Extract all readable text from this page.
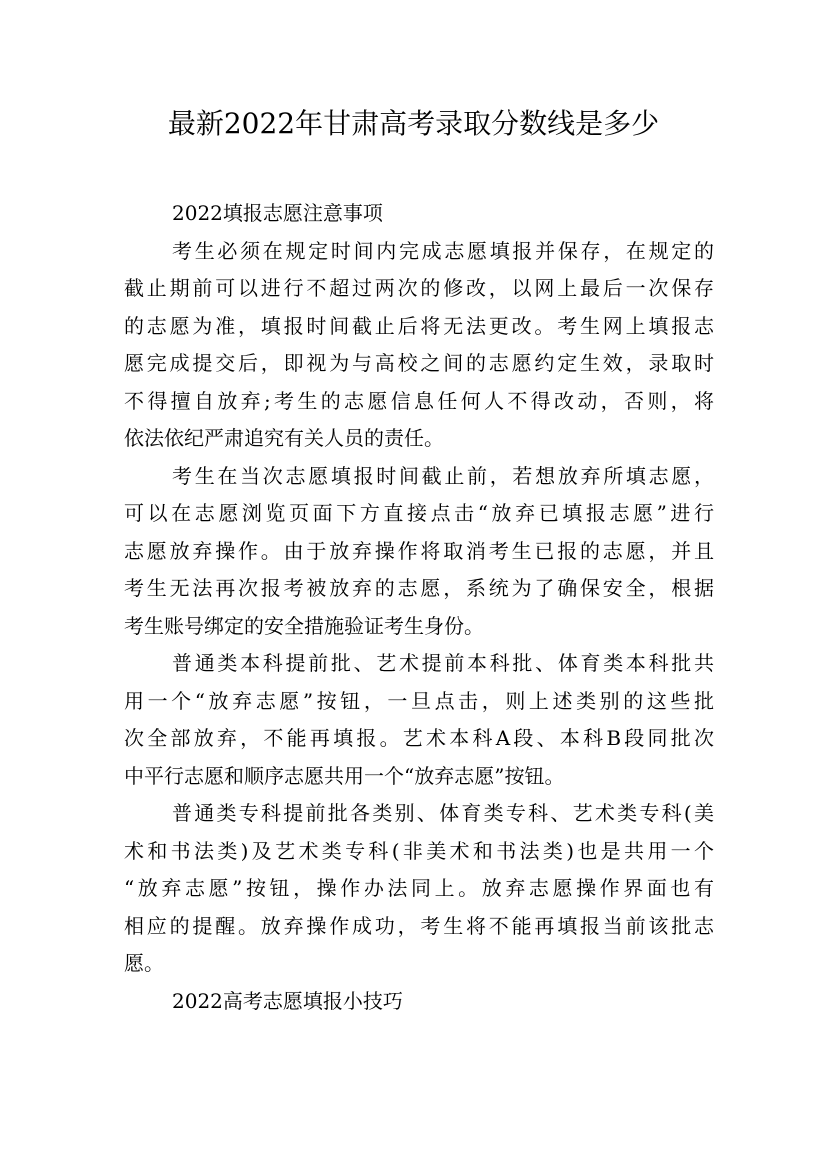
最新2022年甘肃高考录取分数线是多少
2022填报志愿注意事项
考生必须在规定时间内完成志愿填报并保存，在规定的
截止期前可以进行不超过两次的修改，以网上最后一次保存
的志愿为准，填报时间截止后将无法更改。考生网上填报志
愿完成提交后，即视为与高校之间的志愿约定生效，录取时
不得擅自放弃;考生的志愿信息任何人不得改动，否则，将
依法依纪严肃追究有关人员的责任。
考生在当次志愿填报时间截止前，若想放弃所填志愿，
可以在志愿浏览页面下方直接点击“放弃已填报志愿”进行
志愿放弃操作。由于放弃操作将取消考生已报的志愿，并且
考生无法再次报考被放弃的志愿，系统为了确保安全，根据
考生账号绑定的安全措施验证考生身份。
普通类本科提前批、艺术提前本科批、体育类本科批共
用一个“放弃志愿”按钮，一旦点击，则上述类别的这些批
次全部放弃，不能再填报。艺术本科A段、本科B段同批次
中平行志愿和顺序志愿共用一个“放弃志愿”按钮。
普通类专科提前批各类别、体育类专科、艺术类专科(美
术和书法类)及艺术类专科(非美术和书法类)也是共用一个
“放弃志愿”按钮，操作办法同上。放弃志愿操作界面也有
相应的提醒。放弃操作成功，考生将不能再填报当前该批志
愿。
2022高考志愿填报小技巧
